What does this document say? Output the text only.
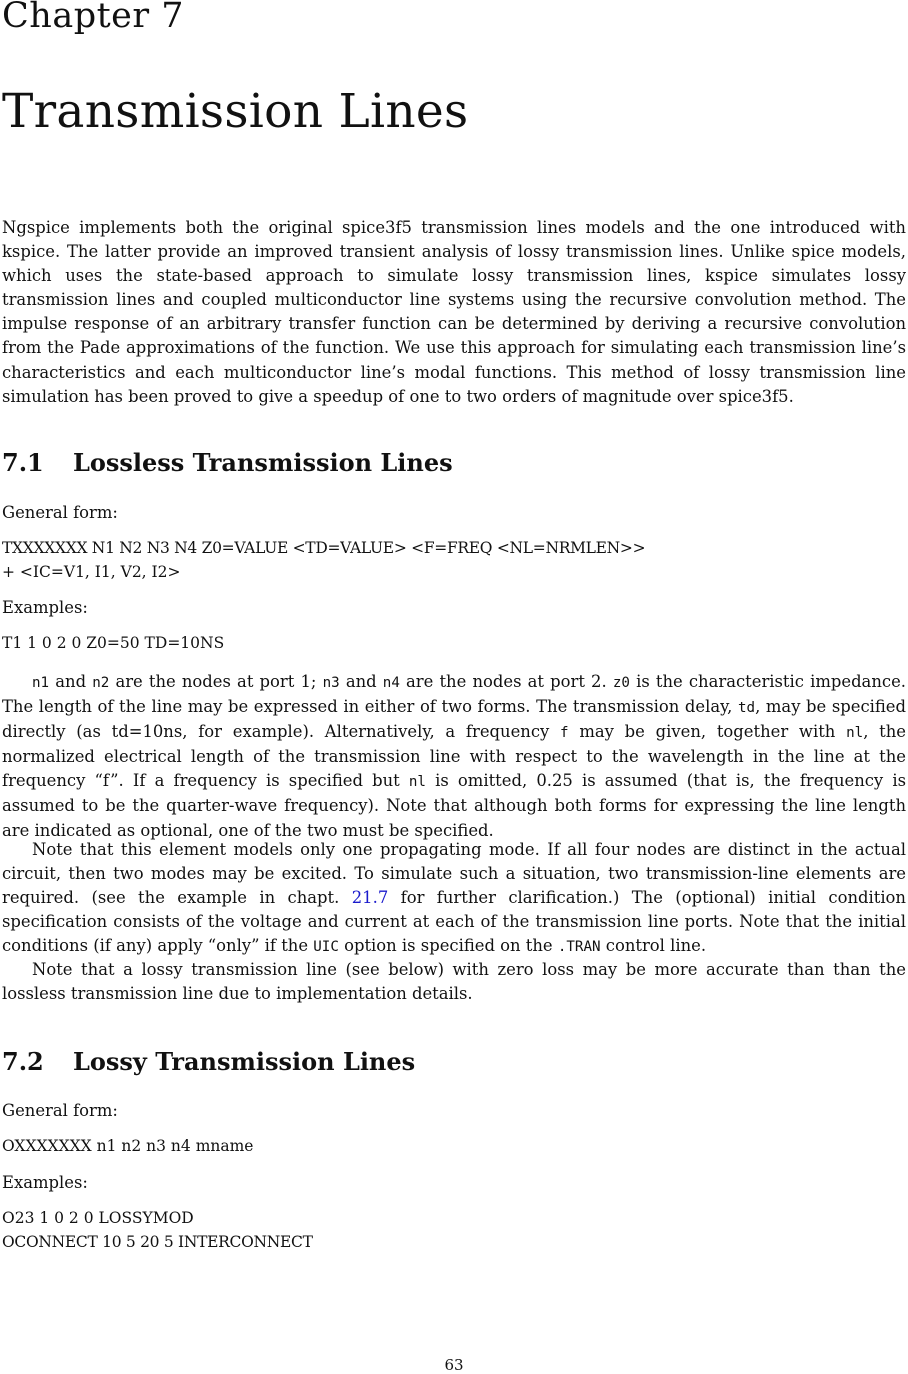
Chapter 7
Transmission Lines

Ngspice implements both the original spice3f5 transmission lines models and the one introduced with kspice. The latter provide an improved transient analysis of lossy transmission lines. Unlike spice models, which uses the state-based approach to simulate lossy transmission lines, kspice simulates lossy transmission lines and coupled multiconductor line systems using the recursive convolution method. The impulse response of an arbitrary transfer function can be determined by deriving a recursive convolution from the Pade approximations of the function. We use this approach for simulating each transmission line’s characteristics and each multiconductor line’s modal functions. This method of lossy transmission line simulation has been proved to give a speedup of one to two orders of magnitude over spice3f5.

7.1 Lossless Transmission Lines
General form:
TXXXXXXX N1 N2 N3 N4 Z0=VALUE <TD=VALUE> <F=FREQ <NL=NRMLEN>>
+ <IC=V1, I1, V2, I2>
Examples:
T1 1 0 2 0 Z0=50 TD=10NS

n1 and n2 are the nodes at port 1; n3 and n4 are the nodes at port 2. z0 is the characteristic impedance. The length of the line may be expressed in either of two forms. The transmission delay, td, may be specified directly (as td=10ns, for example). Alternatively, a frequency f may be given, together with nl, the normalized electrical length of the transmission line with respect to the wavelength in the line at the frequency “f”. If a frequency is specified but nl is omitted, 0.25 is assumed (that is, the frequency is assumed to be the quarter-wave frequency). Note that although both forms for expressing the line length are indicated as optional, one of the two must be specified.

Note that this element models only one propagating mode. If all four nodes are distinct in the actual circuit, then two modes may be excited. To simulate such a situation, two transmission-line elements are required. (see the example in chapt. 21.7 for further clarification.) The (optional) initial condition specification consists of the voltage and current at each of the transmission line ports. Note that the initial conditions (if any) apply “only” if the UIC option is specified on the .TRAN control line.

Note that a lossy transmission line (see below) with zero loss may be more accurate than than the lossless transmission line due to implementation details.

7.2 Lossy Transmission Lines
General form:
OXXXXXXX n1 n2 n3 n4 mname
Examples:
O23 1 0 2 0 LOSSYMOD
OCONNECT 10 5 20 5 INTERCONNECT
63
